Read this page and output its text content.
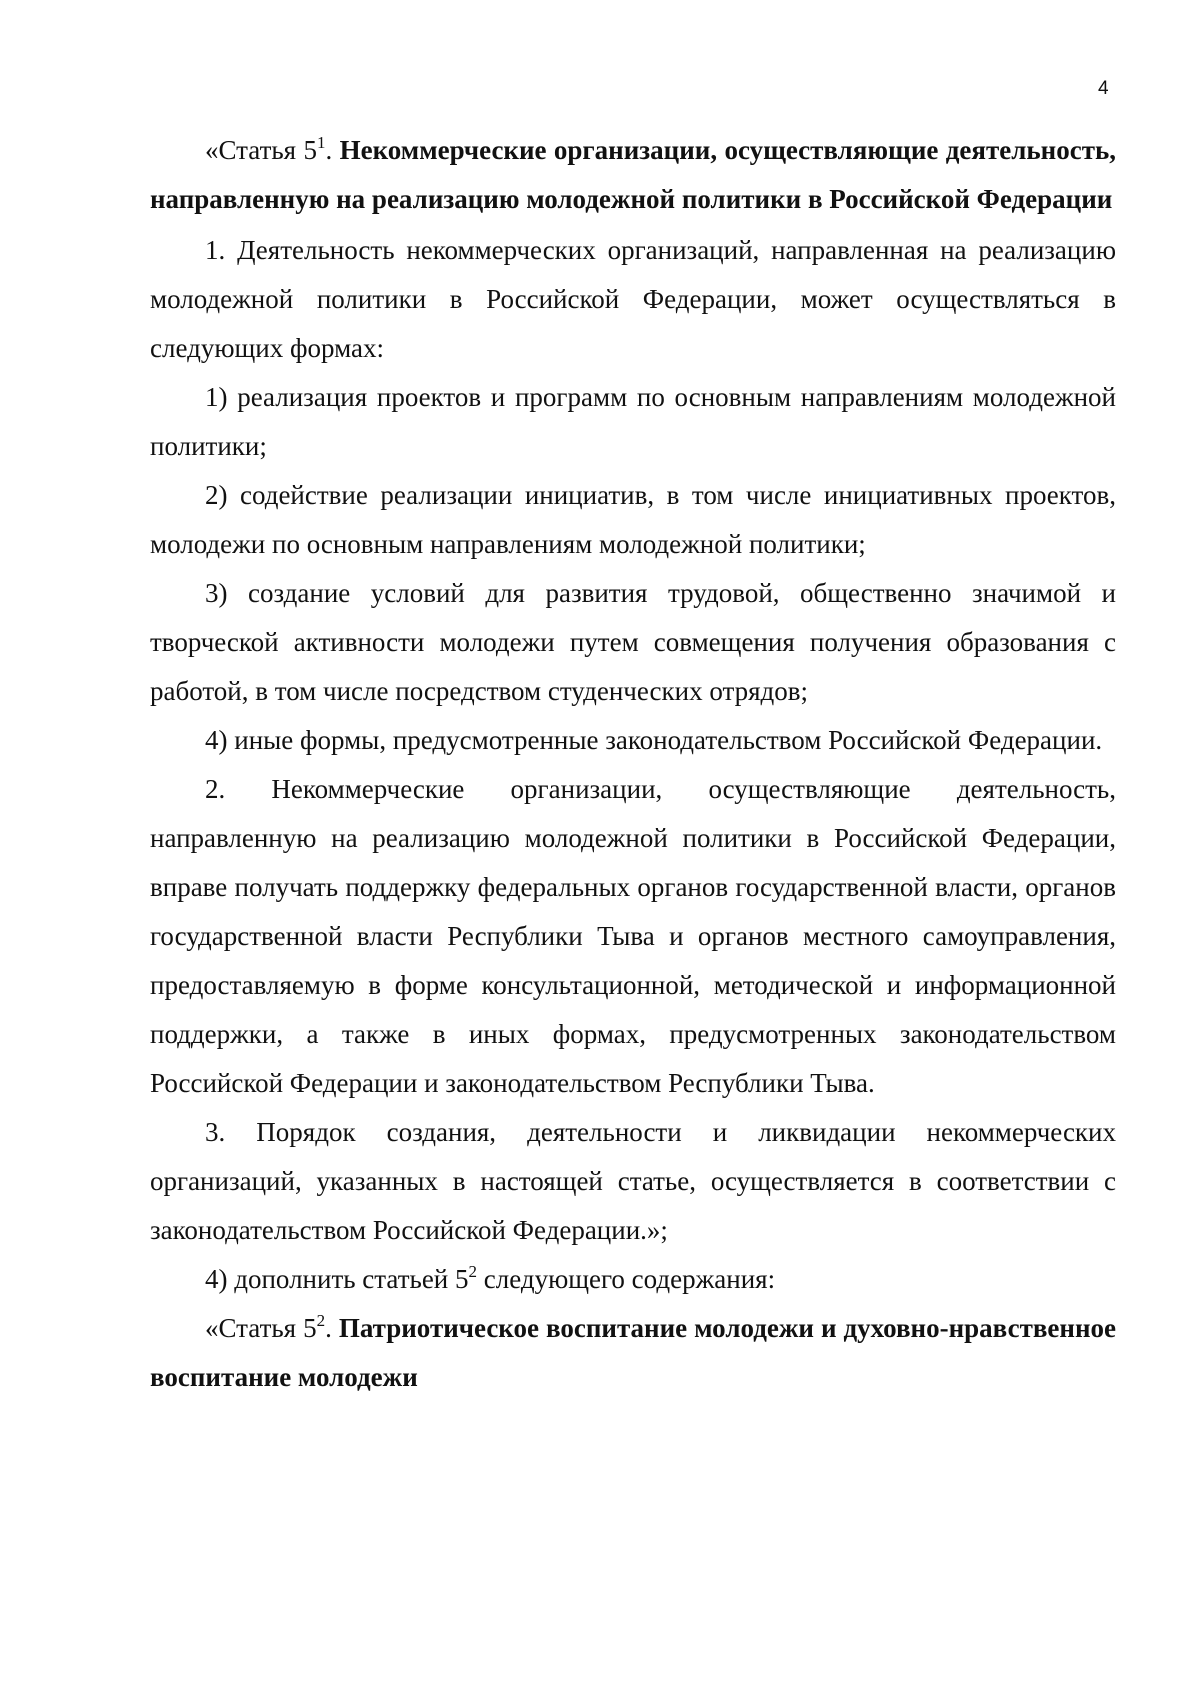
4

«Статья $5^1$. Некоммерческие организации, осуществляющие деятельность, направленную на реализацию молодежной политики в Российской Федерации

1. Деятельность некоммерческих организаций, направленная на реализацию молодежной политики в Российской Федерации, может осуществляться в следующих формах:

1) реализация проектов и программ по основным направлениям молодежной политики;

2) содействие реализации инициатив, в том числе инициативных проектов, молодежи по основным направлениям молодежной политики;

3) создание условий для развития трудовой, общественно значимой и творческой активности молодежи путем совмещения получения образования с работой, в том числе посредством студенческих отрядов;

4) иные формы, предусмотренные законодательством Российской Федерации.

2. Некоммерческие организации, осуществляющие деятельность, направленную на реализацию молодежной политики в Российской Федерации, вправе получать поддержку федеральных органов государственной власти, органов государственной власти Республики Тыва и органов местного самоуправления, предоставляемую в форме консультационной, методической и информационной поддержки, а также в иных формах, предусмотренных законодательством Российской Федерации и законодательством Республики Тыва.

3. Порядок создания, деятельности и ликвидации некоммерческих организаций, указанных в настоящей статье, осуществляется в соответствии с законодательством Российской Федерации.»;

4) дополнить статьей $5^2$ следующего содержания:

«Статья $5^2$. Патриотическое воспитание молодежи и духовно-нравственное воспитание молодежи
